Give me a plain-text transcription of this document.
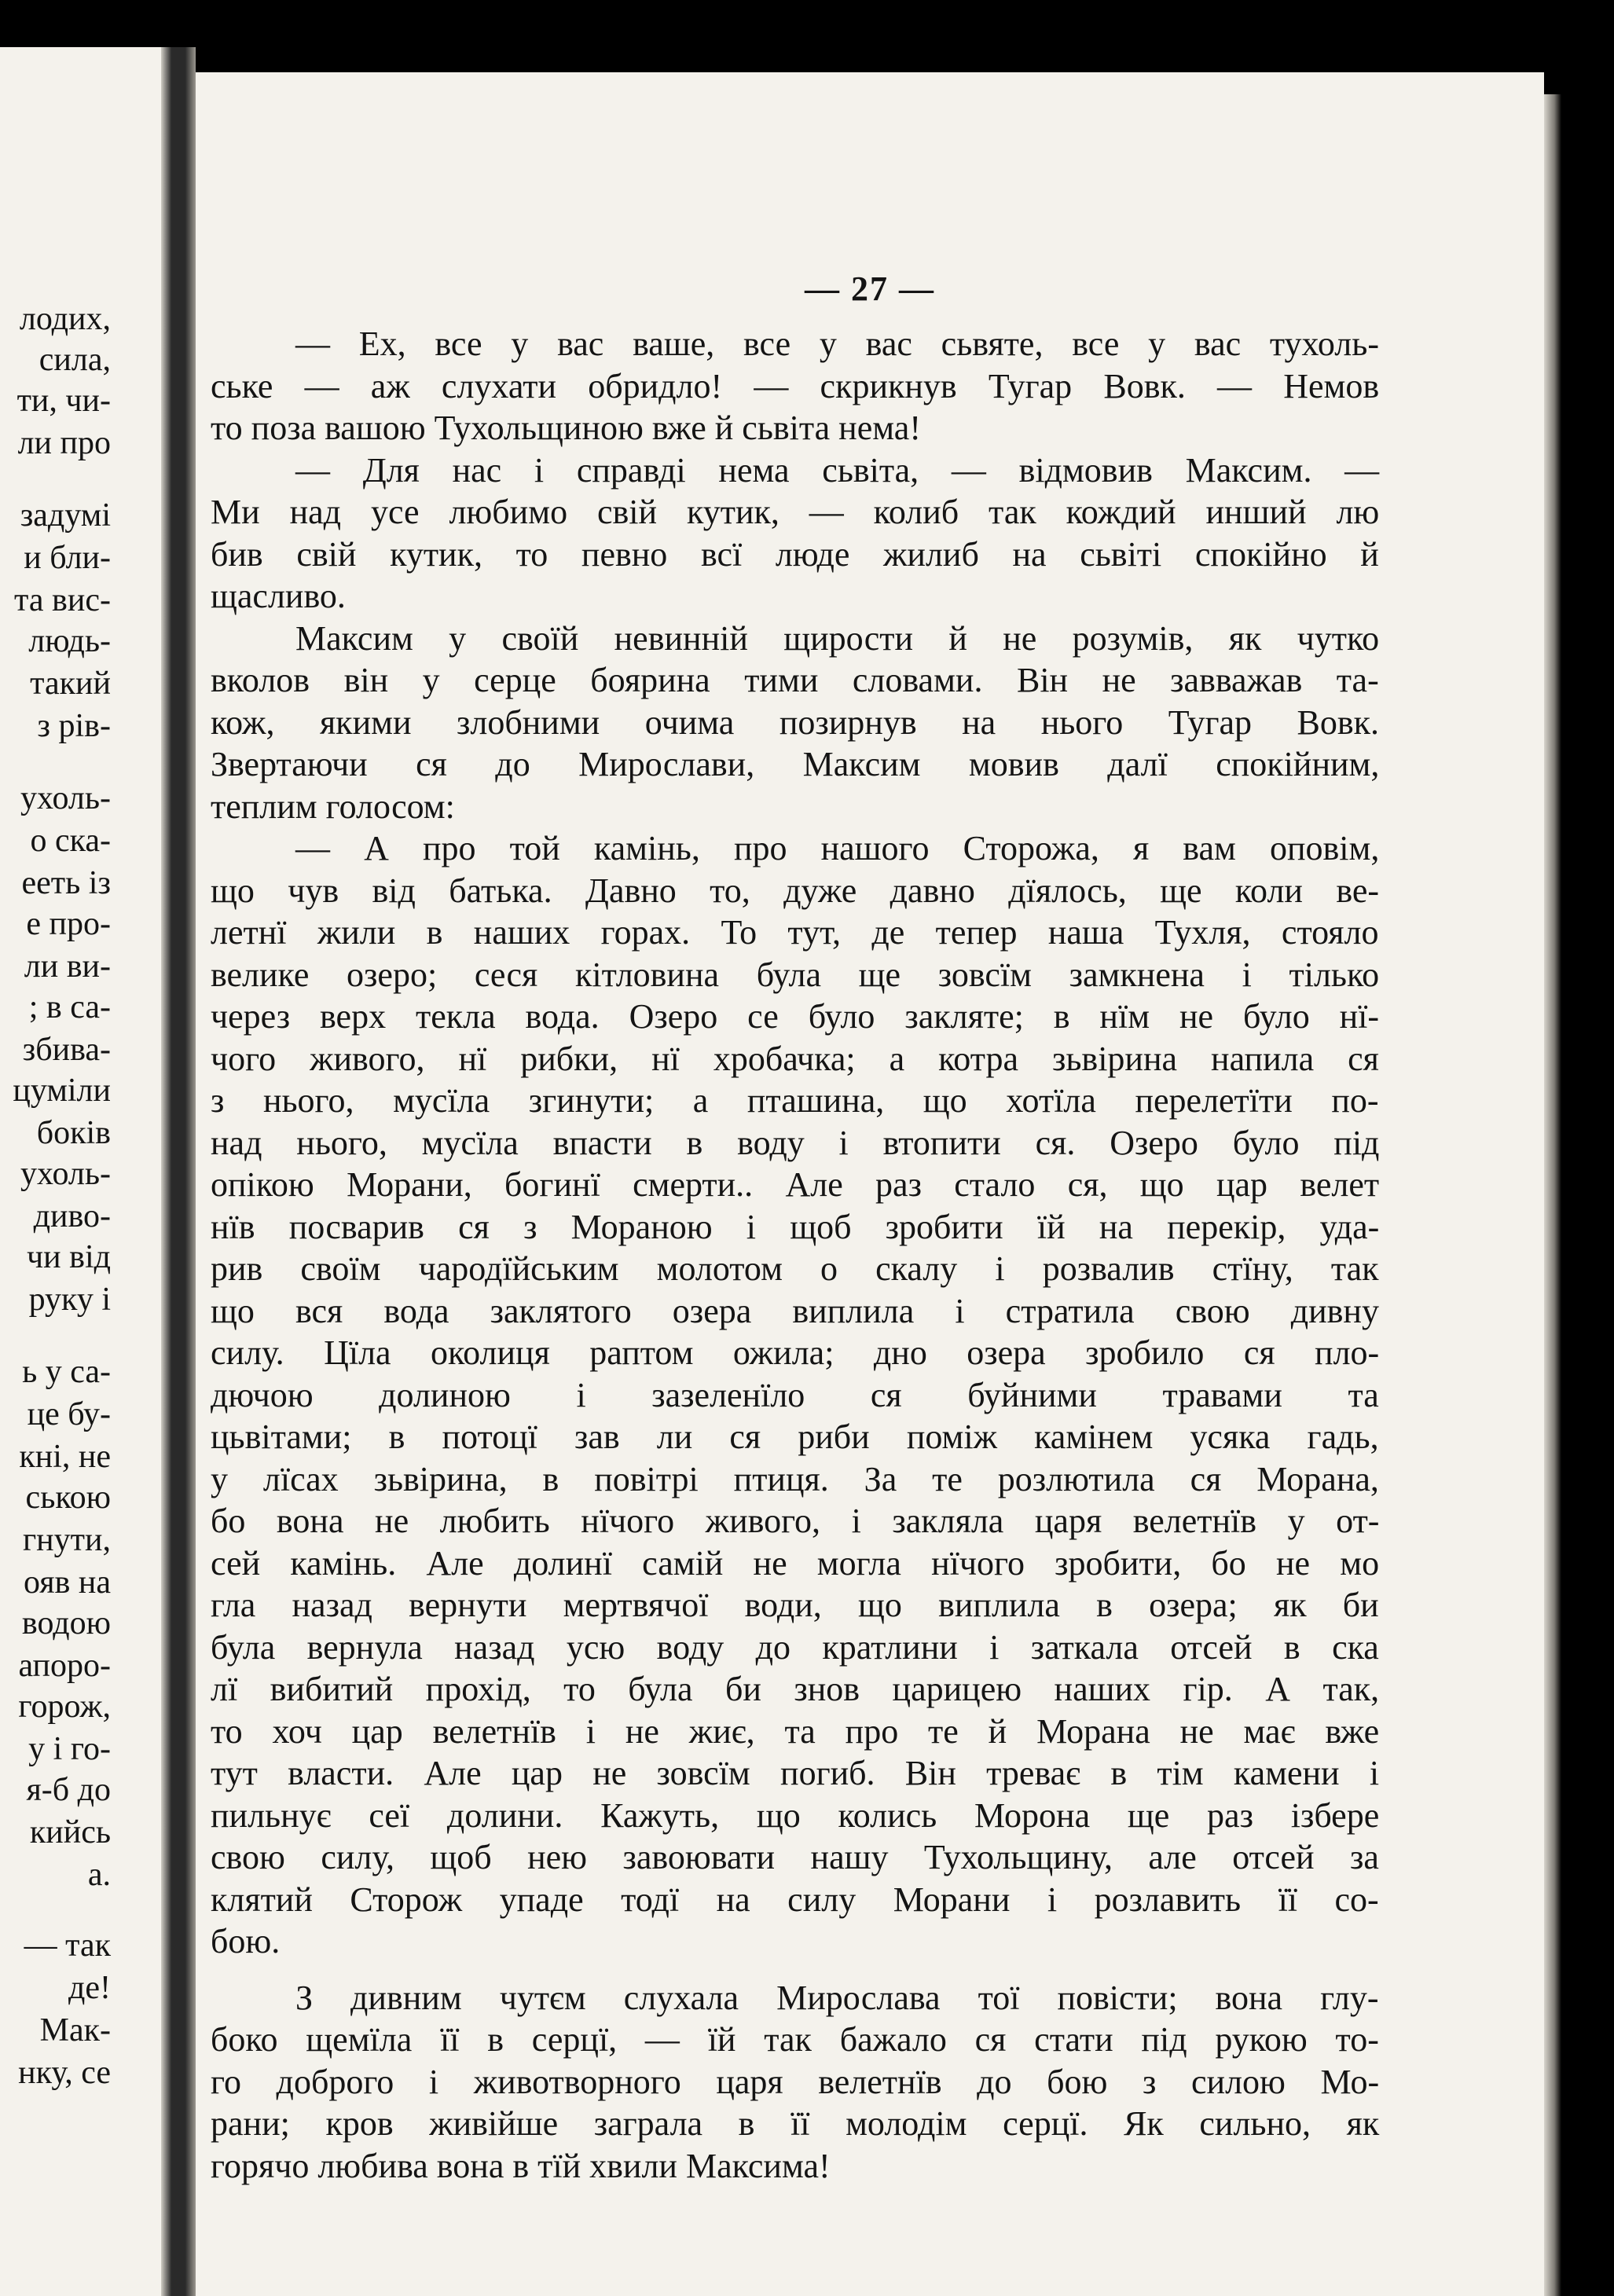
лодих,
сила,
ти, чи-
ли про
задумі
и бли-
та вис-
людь-
такий
з рів-
ухоль-
о ска-
ееть із
е про-
ли ви-
; в са-
збива-
цуміли
боків
ухоль-
диво-
чи від
руку і
ь у са-
це бу-
кні, не
ською
гнути,
ояв на
водою
апоро-
горож,
у і го-
я-б до
кийсь
а.
— так
де!
Мак-
нку, се
— 27 —
— Ех, все у вас ваше, все у вас сьвяте, все у вас тухоль-
ське — аж слухати обридло! — скрикнув Тугар Вовк. — Немов
то поза вашою Тухольщиною вже й сьвіта нема!
— Для нас і справді нема сьвіта, — відмовив Максим. —
Ми над усе любимо свій кутик, — колиб так кождий инший лю
бив свій кутик, то певно всї люде жилиб на сьвіті спокійно й
щасливо.
Максим у своїй невинній щирости й не розумів, як чутко
вколов він у серце боярина тими словами. Він не завважав та-
кож, якими злобними очима позирнув на нього Тугар Вовк.
Звертаючи ся до Мирослави, Максим мовив далї спокійним,
теплим голосом:
— А про той камінь, про нашого Сторожа, я вам оповім,
що чув від батька. Давно то, дуже давно дїялось, ще коли ве-
летнї жили в наших горах. То тут, де тепер наша Тухля, стояло
велике озеро; сеся кітловина була ще зовсїм замкнена і тілько
через верх текла вода. Озеро се було закляте; в нїм не було нї-
чого живого, нї рибки, нї хробачка; а котра зьвірина напила ся
з нього, мусїла згинути; а пташина, що хотїла перелетїти по-
над нього, мусїла впасти в воду і втопити ся. Озеро було під
опікою Морани, богинї смерти.. Але раз стало ся, що цар велет
нїв посварив ся з Мораною і щоб зробити їй на перекір, уда-
рив своїм чародїйським молотом о скалу і розвалив стїну, так
що вся вода заклятого озера виплила і стратила свою дивну
силу. Цїла околиця раптом ожила; дно озера зробило ся пло-
дючою долиною і зазеленїло ся буйними травами та
цьвітами; в потоцї зав ли ся риби поміж камінем усяка гадь,
у лїсах зьвірина, в повітрі птиця. За те розлютила ся Морана,
бо вона не любить нїчого живого, і закляла царя велетнїв у от-
сей камінь. Але долинї самій не могла нїчого зробити, бо не мо
гла назад вернути мертвячої води, що виплила в озера; як би
була вернула назад усю воду до кратлини і заткала отсей в ска
лї вибитий прохід, то була би знов царицею наших гір. А так,
то хоч цар велетнїв і не жиє, та про те й Морана не має вже
тут власти. Але цар не зовсїм погиб. Він треває в тім камени і
пильнує сеї долини. Кажуть, що колись Морона ще раз ізбере
свою силу, щоб нею завоювати нашу Тухольщину, але отсей за
клятий Сторож упаде тодї на силу Морани і розлавить її со-
бою.
З дивним чутєм слухала Мирослава тої повісти; вона глу-
боко щемїла її в серцї, — їй так бажало ся стати під рукою то-
го доброго і животворного царя велетнїв до бою з силою Мо-
рани; кров живійше заграла в її молодім серцї. Як сильно, як
горячо любива вона в тїй хвили Максима!
